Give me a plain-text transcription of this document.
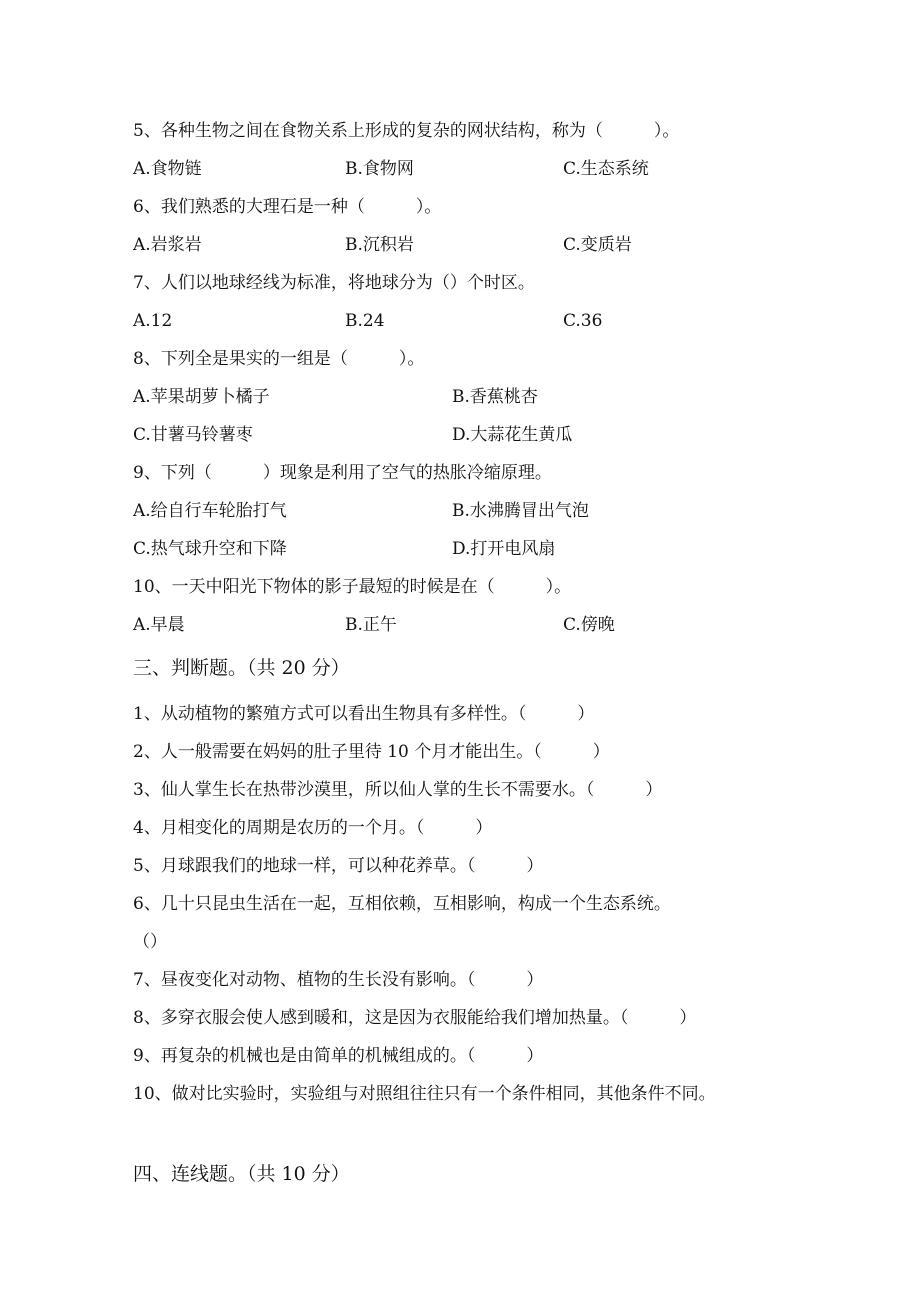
5、各种生物之间在食物关系上形成的复杂的网状结构，称为（　　　）。
A.食物链	B.食物网	C.生态系统
6、我们熟悉的大理石是一种（　　　）。
A.岩浆岩	B.沉积岩	C.变质岩
7、人们以地球经线为标准，将地球分为（）个时区。
A.12	B.24	C.36
8、下列全是果实的一组是（　　　）。
A.苹果胡萝卜橘子	B.香蕉桃杏
C.甘薯马铃薯枣	D.大蒜花生黄瓜
9、下列（　　　）现象是利用了空气的热胀冷缩原理。
A.给自行车轮胎打气	B.水沸腾冒出气泡
C.热气球升空和下降	D.打开电风扇
10、一天中阳光下物体的影子最短的时候是在（　　　）。
A.早晨	B.正午	C.傍晚
三、判断题。（共 20 分）
1、从动植物的繁殖方式可以看出生物具有多样性。（　　　）
2、人一般需要在妈妈的肚子里待 10 个月才能出生。（　　　）
3、仙人掌生长在热带沙漠里，所以仙人掌的生长不需要水。（　　　）
4、月相变化的周期是农历的一个月。（　　　）
5、月球跟我们的地球一样，可以种花养草。（　　　）
6、几十只昆虫生活在一起，互相依赖，互相影响，构成一个生态系统。
（）
7、昼夜变化对动物、植物的生长没有影响。（　　　）
8、多穿衣服会使人感到暖和，这是因为衣服能给我们增加热量。（　　　）
9、再复杂的机械也是由简单的机械组成的。（　　　）
10、做对比实验时，实验组与对照组往往只有一个条件相同，其他条件不同。
四、连线题。（共 10 分）
